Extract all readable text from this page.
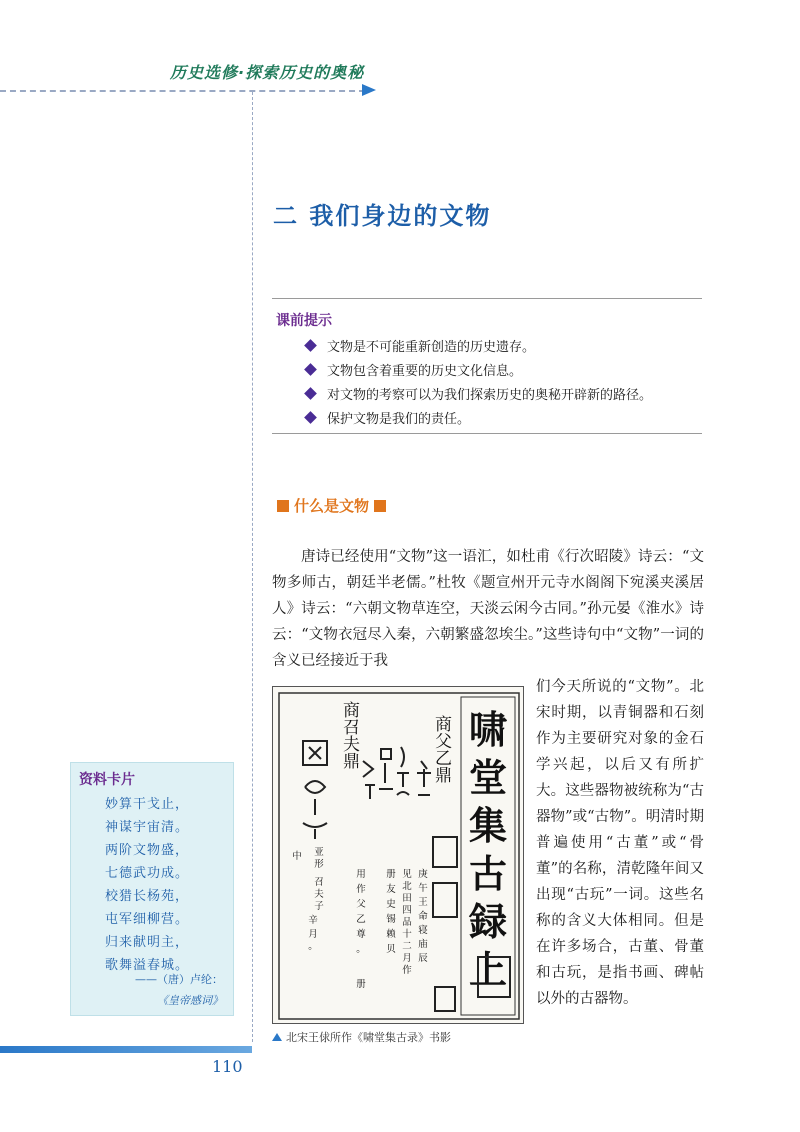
历史选修·探索历史的奥秘
二 我们身边的文物
课前提示
文物是不可能重新创造的历史遗存。
文物包含着重要的历史文化信息。
对文物的考察可以为我们探索历史的奥秘开辟新的路径。
保护文物是我们的责任。
什么是文物

唐诗已经使用“文物”这一语汇，如杜甫《行次昭陵》诗云：“文物多师古，朝廷半老儒。”杜牧《题宣州开元寺水阁阁下宛溪夹溪居人》诗云：“六朝文物草连空，天淡云闲今古同。”孙元晏《淮水》诗云：“文物衣冠尽入秦，六朝繁盛忽埃尘。”这些诗句中“文物”一词的含义已经接近于我

们今天所说的“文物”。北宋时期，以青铜器和石刻作为主要研究对象的金石学兴起，以后又有所扩大。这些器物被统称为“古器物”或“古物”。明清时期普遍使用“古董”或“骨董”的名称，清乾隆年间又出现“古玩”一词。这些名称的含义大体相同。但是在许多场合，古董、骨董和古玩，是指书画、碑帖以外的古器物。

啸
堂
集
古
録
上
商父乙鼎
商召夫鼎
庚
午
王
命
寝
庙
辰
见
北
田
四
品
十
二
月
作
册
友
史
锡
赖
贝
用
作
父
乙
尊
。
册
亚
形
召
夫
子
辛
月
。
中
北宋王俅所作《啸堂集古录》书影
资料卡片
妙算干戈止，
神谋宇宙清。
两阶文物盛，
七德武功成。
校猎长杨苑，
屯军细柳营。
归来献明主，
歌舞溢春城。
——（唐）卢纶：
《皇帝感词》
110
